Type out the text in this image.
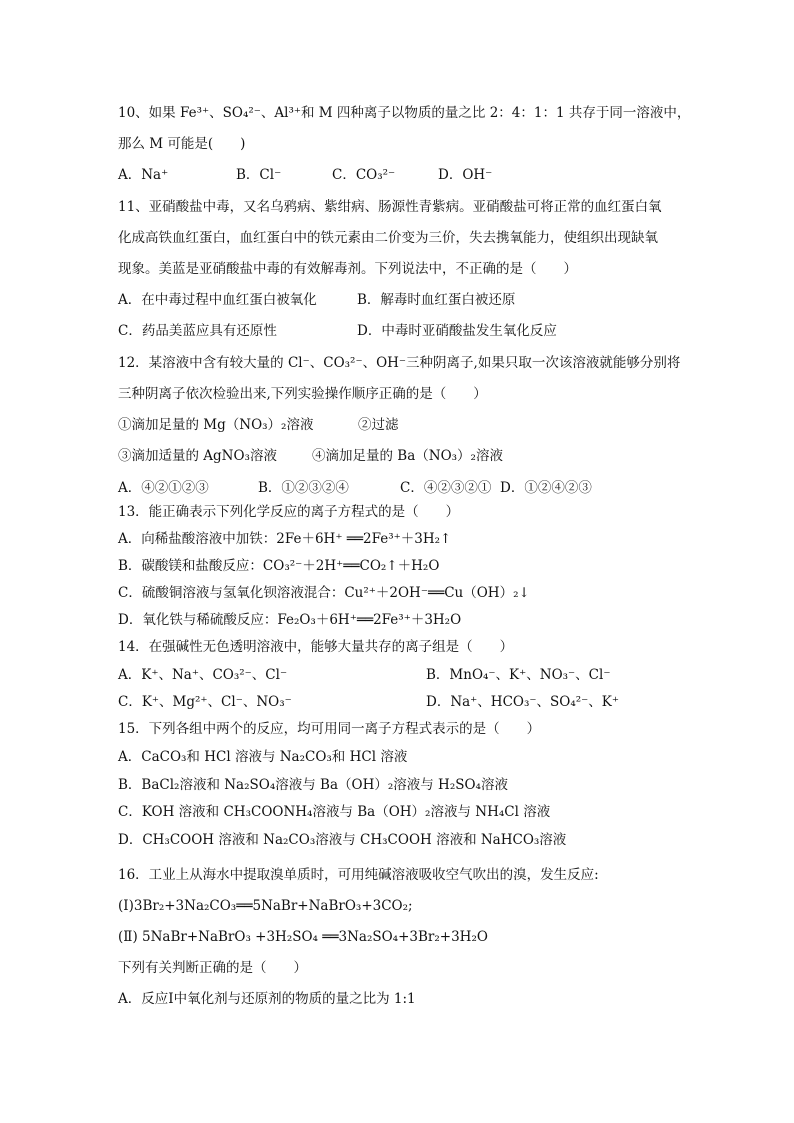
10、如果 Fe³⁺、SO₄²⁻、Al³⁺和 M 四种离子以物质的量之比 2：4：1：1 共存于同一溶液中，
那么 M 可能是(　　)
A．Na⁺	B．Cl⁻	C．CO₃²⁻	D．OH⁻
11、亚硝酸盐中毒，又名乌鸦病、紫绀病、肠源性青紫病。亚硝酸盐可将正常的血红蛋白氧
化成高铁血红蛋白，血红蛋白中的铁元素由二价变为三价，失去携氧能力，使组织出现缺氧
现象。美蓝是亚硝酸盐中毒的有效解毒剂。下列说法中，不正确的是（　　）
A．在中毒过程中血红蛋白被氧化	B．解毒时血红蛋白被还原
C．药品美蓝应具有还原性	D．中毒时亚硝酸盐发生氧化反应
12．某溶液中含有较大量的 Cl⁻、CO₃²⁻、OH⁻三种阴离子,如果只取一次该溶液就能够分别将
三种阴离子依次检验出来,下列实验操作顺序正确的是（　　）
①滴加足量的 Mg（NO₃）₂溶液	②过滤
③滴加适量的 AgNO₃溶液	④滴加足量的 Ba（NO₃）₂溶液
A．④②①②③	B．①②③②④	C．④②③②① D．①②④②③
13．能正确表示下列化学反应的离子方程式的是（　　）
A．向稀盐酸溶液中加铁：2Fe＋6H⁺ ══2Fe³⁺＋3H₂↑
B．碳酸镁和盐酸反应：CO₃²⁻＋2H⁺══CO₂↑＋H₂O
C．硫酸铜溶液与氢氧化钡溶液混合：Cu²⁺＋2OH⁻══Cu（OH）₂↓
D．氧化铁与稀硫酸反应：Fe₂O₃＋6H⁺══2Fe³⁺＋3H₂O
14．在强碱性无色透明溶液中，能够大量共存的离子组是（　　）
A．K⁺、Na⁺、CO₃²⁻、Cl⁻	B．MnO₄⁻、K⁺、NO₃⁻、Cl⁻
C．K⁺、Mg²⁺、Cl⁻、NO₃⁻	D．Na⁺、HCO₃⁻、SO₄²⁻、K⁺
15．下列各组中两个的反应，均可用同一离子方程式表示的是（　　）
A．CaCO₃和 HCl 溶液与 Na₂CO₃和 HCl 溶液
B．BaCl₂溶液和 Na₂SO₄溶液与 Ba（OH）₂溶液与 H₂SO₄溶液
C．KOH 溶液和 CH₃COONH₄溶液与 Ba（OH）₂溶液与 NH₄Cl 溶液
D．CH₃COOH 溶液和 Na₂CO₃溶液与 CH₃COOH 溶液和 NaHCO₃溶液
16．工业上从海水中提取溴单质时，可用纯碱溶液吸收空气吹出的溴，发生反应:
(Ⅰ)3Br₂+3Na₂CO₃══5NaBr+NaBrO₃+3CO₂;
(Ⅱ) 5NaBr+NaBrO₃ +3H₂SO₄ ══3Na₂SO₄+3Br₂+3H₂O
下列有关判断正确的是（　　）
A．反应Ⅰ中氧化剂与还原剂的物质的量之比为 1:1
